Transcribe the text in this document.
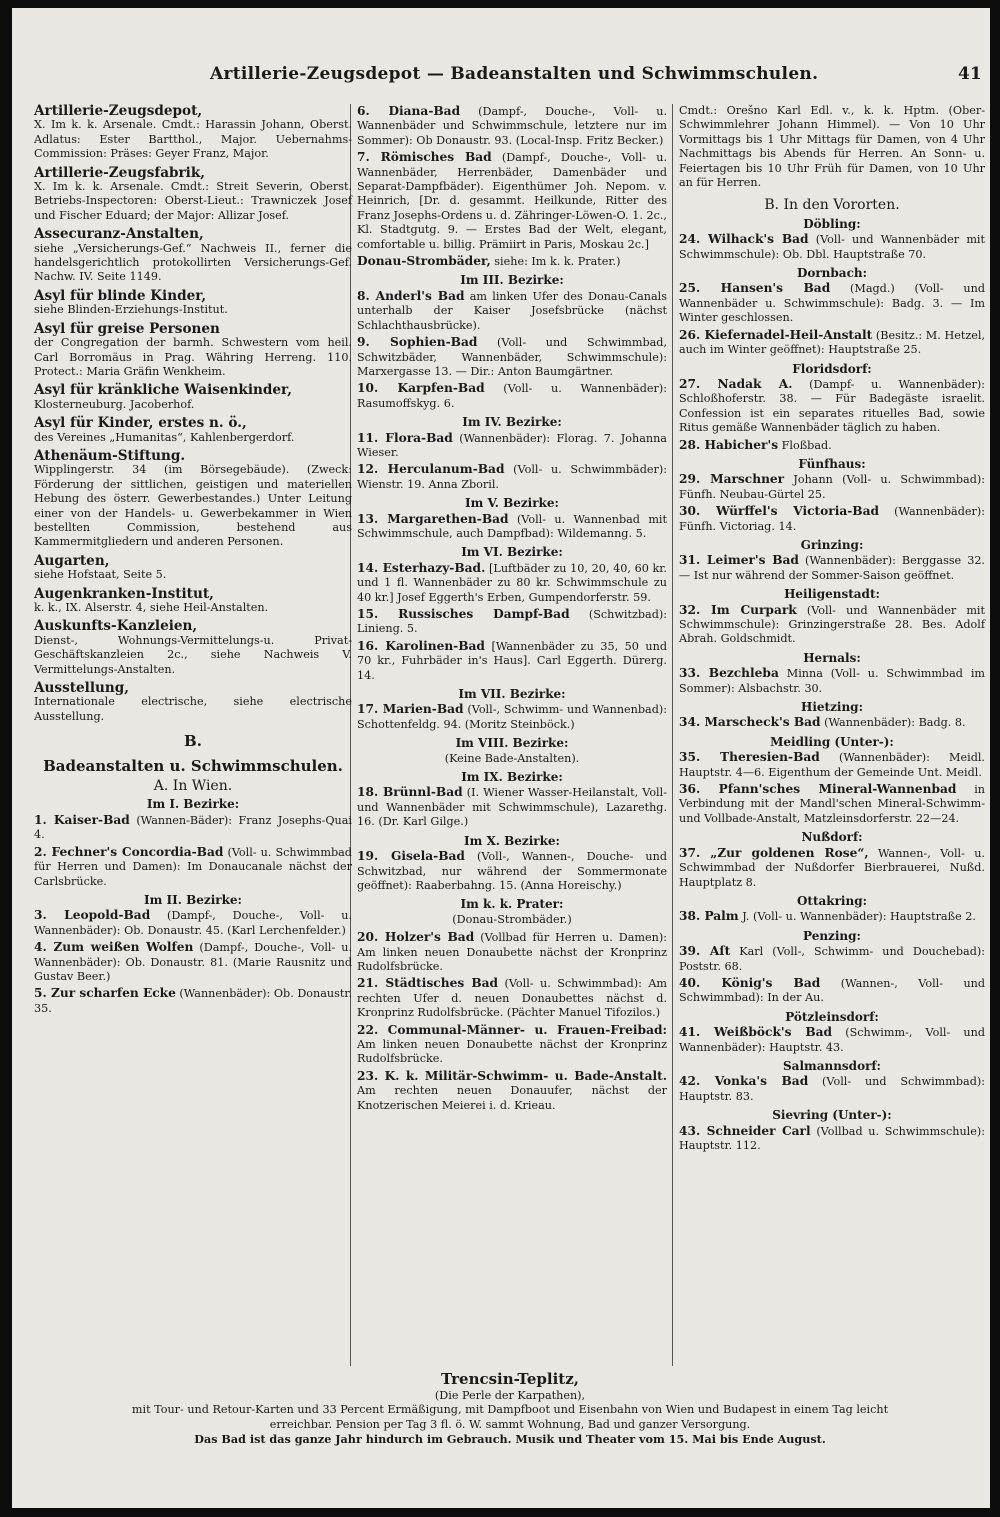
Artillerie-Zeugsdepot — Badeanstalten und Schwimmschulen.	41
Artillerie-Zeugsdepot,
X. Im k. k. Arsenale. Cmdt.: Harassin Johann, Oberst. Adlatus: Ester Bartthol., Major. Uebernahms-Commission: Präses: Geyer Franz, Major.
Artillerie-Zeugsfabrik,
X. Im k. k. Arsenale. Cmdt.: Streit Severin, Oberst. Betriebs-Inspectoren: Oberst-Lieut.: Trawniczek Josef und Fischer Eduard; der Major: Allizar Josef.
Assecuranz-Anstalten,
siehe „Versicherungs-Gef.“ Nachweis II., ferner die handelsgerichtlich protokollirten Versicherungs-Gef. Nachw. IV. Seite 1149.
Asyl für blinde Kinder,
siehe Blinden-Erziehungs-Institut.
Asyl für greise Personen
der Congregation der barmh. Schwestern vom heil. Carl Borromäus in Prag. Währing Herreng. 110. Protect.: Maria Gräfin Wenkheim.
Asyl für kränkliche Waisenkinder,
Klosterneuburg. Jacoberhof.
Asyl für Kinder, erstes n. ö.,
des Vereines „Humanitas“, Kahlenbergerdorf.
Athenäum-Stiftung.
Wipplingerstr. 34 (im Börsegebäude). (Zweck: Förderung der sittlichen, geistigen und materiellen Hebung des österr. Gewerbestandes.) Unter Leitung einer von der Handels- u. Gewerbekammer in Wien bestellten Commission, bestehend aus Kammermitgliedern und anderen Personen.
Augarten,
siehe Hofstaat, Seite 5.
Augenkranken-Institut,
k. k., IX. Alserstr. 4, siehe Heil-Anstalten.
Auskunfts-Kanzleien,
Dienst-, Wohnungs-Vermittelungs-u. Privat-Geschäftskanzleien 2c., siehe Nachweis V. Vermittelungs-Anstalten.
Ausstellung,
Internationale electrische, siehe electrische Ausstellung.
B.
Badeanstalten u. Schwimmschulen.
A. In Wien.
Im I. Bezirke:
1. Kaiser-Bad (Wannen-Bäder): Franz Josephs-Quai 4.
2. Fechner's Concordia-Bad (Voll- u. Schwimmbad für Herren und Damen): Im Donaucanale nächst der Carlsbrücke.
Im II. Bezirke:
3. Leopold-Bad (Dampf-, Douche-, Voll- u. Wannenbäder): Ob. Donaustr. 45. (Karl Lerchenfelder.)
4. Zum weißen Wolfen (Dampf-, Douche-, Voll- u. Wannenbäder): Ob. Donaustr. 81. (Marie Rausnitz und Gustav Beer.)
5. Zur scharfen Ecke (Wannenbäder): Ob. Donaustr. 35.
6. Diana-Bad (Dampf-, Douche-, Voll- u. Wannenbäder und Schwimmschule, letztere nur im Sommer): Ob Donaustr. 93. (Local-Insp. Fritz Becker.)
7. Römisches Bad (Dampf-, Douche-, Voll- u. Wannenbäder, Herrenbäder, Damenbäder und Separat-Dampfbäder). Eigenthümer Joh. Nepom. v. Heinrich, [Dr. d. gesammt. Heilkunde, Ritter des Franz Josephs-Ordens u. d. Zähringer-Löwen-O. 1. 2c., Kl. Stadtgutg. 9. — Erstes Bad der Welt, elegant, comfortable u. billig. Prämiirt in Paris, Moskau 2c.]
Donau-Strombäder, siehe: Im k. k. Prater.)
Im III. Bezirke:
8. Anderl's Bad am linken Ufer des Donau-Canals unterhalb der Kaiser Josefsbrücke (nächst Schlachthausbrücke).
9. Sophien-Bad (Voll- und Schwimmbad, Schwitzbäder, Wannenbäder, Schwimmschule): Marxergasse 13. — Dir.: Anton Baumgärtner.
10. Karpfen-Bad (Voll- u. Wannenbäder): Rasumoffskyg. 6.
Im IV. Bezirke:
11. Flora-Bad (Wannenbäder): Florag. 7. Johanna Wieser.
12. Herculanum-Bad (Voll- u. Schwimmbäder): Wienstr. 19. Anna Zboril.
Im V. Bezirke:
13. Margarethen-Bad (Voll- u. Wannenbad mit Schwimmschule, auch Dampfbad): Wildemanng. 5.
Im VI. Bezirke:
14. Esterhazy-Bad. [Luftbäder zu 10, 20, 40, 60 kr. und 1 fl. Wannenbäder zu 80 kr. Schwimmschule zu 40 kr.] Josef Eggerth's Erben, Gumpendorferstr. 59.
15. Russisches Dampf-Bad (Schwitzbad): Linieng. 5.
16. Karolinen-Bad [Wannenbäder zu 35, 50 und 70 kr., Fuhrbäder in's Haus]. Carl Eggerth. Dürerg. 14.
Im VII. Bezirke:
17. Marien-Bad (Voll-, Schwimm- und Wannenbad): Schottenfeldg. 94. (Moritz Steinböck.)
Im VIII. Bezirke:
(Keine Bade-Anstalten).
Im IX. Bezirke:
18. Brünnl-Bad (I. Wiener Wasser-Heilanstalt, Voll- und Wannenbäder mit Schwimmschule), Lazarethg. 16. (Dr. Karl Gilge.)
Im X. Bezirke:
19. Gisela-Bad (Voll-, Wannen-, Douche- und Schwitzbad, nur während der Sommermonate geöffnet): Raaberbahng. 15. (Anna Horeischy.)
Im k. k. Prater:
(Donau-Strombäder.)
20. Holzer's Bad (Vollbad für Herren u. Damen): Am linken neuen Donaubette nächst der Kronprinz Rudolfsbrücke.
21. Städtisches Bad (Voll- u. Schwimmbad): Am rechten Ufer d. neuen Donaubettes nächst d. Kronprinz Rudolfsbrücke. (Pächter Manuel Tifozilos.)
22. Communal-Männer- u. Frauen-Freibad: Am linken neuen Donaubette nächst der Kronprinz Rudolfsbrücke.
23. K. k. Militär-Schwimm- u. Bade-Anstalt. Am rechten neuen Donauufer, nächst der Knotzerischen Meierei i. d. Krieau.
Cmdt.: Orešno Karl Edl. v., k. k. Hptm. (Ober-Schwimmlehrer Johann Himmel). — Von 10 Uhr Vormittags bis 1 Uhr Mittags für Damen, von 4 Uhr Nachmittags bis Abends für Herren. An Sonn- u. Feiertagen bis 10 Uhr Früh für Damen, von 10 Uhr an für Herren.
B. In den Vororten.
Döbling:
24. Wilhack's Bad (Voll- und Wannenbäder mit Schwimmschule): Ob. Dbl. Hauptstraße 70.
Dornbach:
25. Hansen's Bad (Magd.) (Voll- und Wannenbäder u. Schwimmschule): Badg. 3. — Im Winter geschlossen.
26. Kiefernadel-Heil-Anstalt (Besitz.: M. Hetzel, auch im Winter geöffnet): Hauptstraße 25.
Floridsdorf:
27. Nadak A. (Dampf- u. Wannenbäder): Schloßhoferstr. 38. — Für Badegäste israelit. Confession ist ein separates rituelles Bad, sowie Ritus gemäße Wannenbäder täglich zu haben.
28. Habicher's Floßbad.
Fünfhaus:
29. Marschner Johann (Voll- u. Schwimmbad): Fünfh. Neubau-Gürtel 25.
30. Würffel's Victoria-Bad (Wannenbäder): Fünfh. Victoriag. 14.
Grinzing:
31. Leimer's Bad (Wannenbäder): Berggasse 32. — Ist nur während der Sommer-Saison geöffnet.
Heiligenstadt:
32. Im Curpark (Voll- und Wannenbäder mit Schwimmschule): Grinzingerstraße 28. Bes. Adolf Abrah. Goldschmidt.
Hernals:
33. Bezchleba Minna (Voll- u. Schwimmbad im Sommer): Alsbachstr. 30.
Hietzing:
34. Marscheck's Bad (Wannenbäder): Badg. 8.
Meidling (Unter-):
35. Theresien-Bad (Wannenbäder): Meidl. Hauptstr. 4—6. Eigenthum der Gemeinde Unt. Meidl.
36. Pfann'sches Mineral-Wannenbad in Verbindung mit der Mandl'schen Mineral-Schwimm- und Vollbade-Anstalt, Matzleinsdorferstr. 22—24.
Nußdorf:
37. „Zur goldenen Rose“, Wannen-, Voll- u. Schwimmbad der Nußdorfer Bierbrauerei, Nußd. Hauptplatz 8.
Ottakring:
38. Palm J. (Voll- u. Wannenbäder): Hauptstraße 2.
Penzing:
39. Aſt Karl (Voll-, Schwimm- und Douchebad): Poststr. 68.
40. König's Bad (Wannen-, Voll- und Schwimmbad): In der Au.
Pötzleinsdorf:
41. Weißböck's Bad (Schwimm-, Voll- und Wannenbäder): Hauptstr. 43.
Salmannsdorf:
42. Vonka's Bad (Voll- und Schwimmbad): Hauptstr. 83.
Sievring (Unter-):
43. Schneider Carl (Vollbad u. Schwimmschule): Hauptstr. 112.
Trencsin-Teplitz,
(Die Perle der Karpathen),
mit Tour- und Retour-Karten und 33 Percent Ermäßigung, mit Dampfboot und Eisenbahn von Wien und Budapest in einem Tag leicht
erreichbar. Pension per Tag 3 fl. ö. W. sammt Wohnung, Bad und ganzer Versorgung.
Das Bad ist das ganze Jahr hindurch im Gebrauch. Musik und Theater vom 15. Mai bis Ende August.
